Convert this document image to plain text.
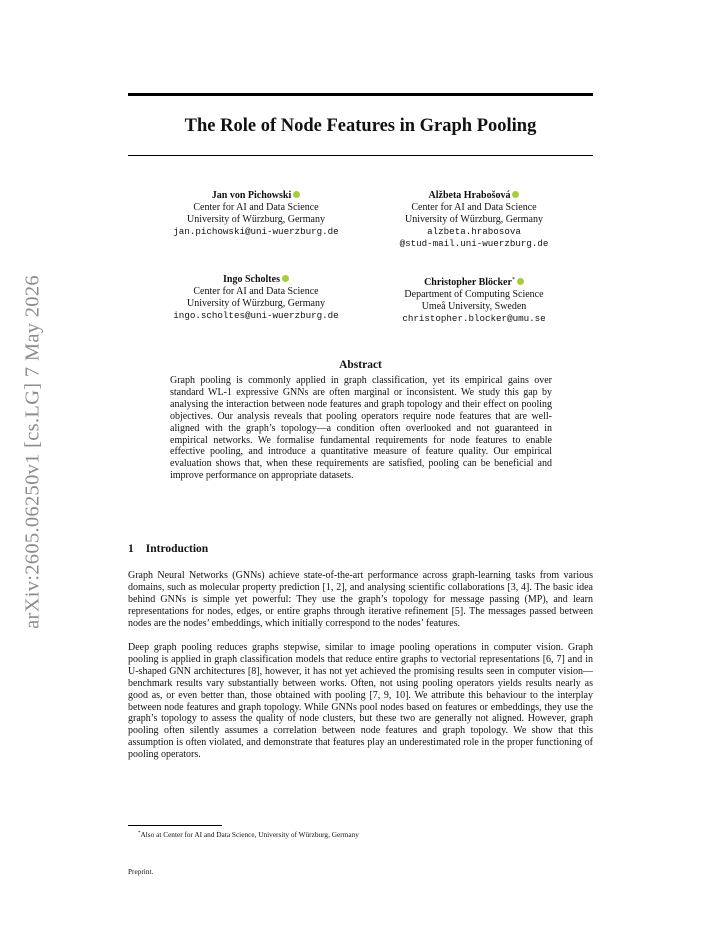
arXiv:2605.06250v1 [cs.LG] 7 May 2026
The Role of Node Features in Graph Pooling
Jan von Pichowski
Center for AI and Data Science
University of Würzburg, Germany
jan.pichowski@uni-wuerzburg.de
Alžbeta Hrabošová
Center for AI and Data Science
University of Würzburg, Germany
alzbeta.hrabosova
@stud-mail.uni-wuerzburg.de
Ingo Scholtes
Center for AI and Data Science
University of Würzburg, Germany
ingo.scholtes@uni-wuerzburg.de
Christopher Blöcker*
Department of Computing Science
Umeå University, Sweden
christopher.blocker@umu.se
Abstract

Graph pooling is commonly applied in graph classification, yet its empirical gains over standard WL-1 expressive GNNs are often marginal or inconsistent. We study this gap by analysing the interaction between node features and graph topology and their effect on pooling objectives. Our analysis reveals that pooling operators require node features that are well-aligned with the graph’s topology—a condition often overlooked and not guaranteed in empirical networks. We formalise fundamental requirements for node features to enable effective pooling, and introduce a quantitative measure of feature quality. Our empirical evaluation shows that, when these requirements are satisfied, pooling can be beneficial and improve performance on appropriate datasets.

1 Introduction

Graph Neural Networks (GNNs) achieve state-of-the-art performance across graph-learning tasks from various domains, such as molecular property prediction [1, 2], and analysing scientific collaborations [3, 4]. The basic idea behind GNNs is simple yet powerful: They use the graph’s topology for message passing (MP), and learn representations for nodes, edges, or entire graphs through iterative refinement [5]. The messages passed between nodes are the nodes’ embeddings, which initially correspond to the nodes’ features.

Deep graph pooling reduces graphs stepwise, similar to image pooling operations in computer vision. Graph pooling is applied in graph classification models that reduce entire graphs to vectorial representations [6, 7] and in U-shaped GNN architectures [8], however, it has not yet achieved the promising results seen in computer vision—benchmark results vary substantially between works. Often, not using pooling operators yields results nearly as good as, or even better than, those obtained with pooling [7, 9, 10]. We attribute this behaviour to the interplay between node features and graph topology. While GNNs pool nodes based on features or embeddings, they use the graph’s topology to assess the quality of node clusters, but these two are generally not aligned. However, graph pooling often silently assumes a correlation between node features and graph topology. We show that this assumption is often violated, and demonstrate that features play an underestimated role in the proper functioning of pooling operators.

*Also at Center for AI and Data Science, University of Würzburg, Germany
Preprint.
